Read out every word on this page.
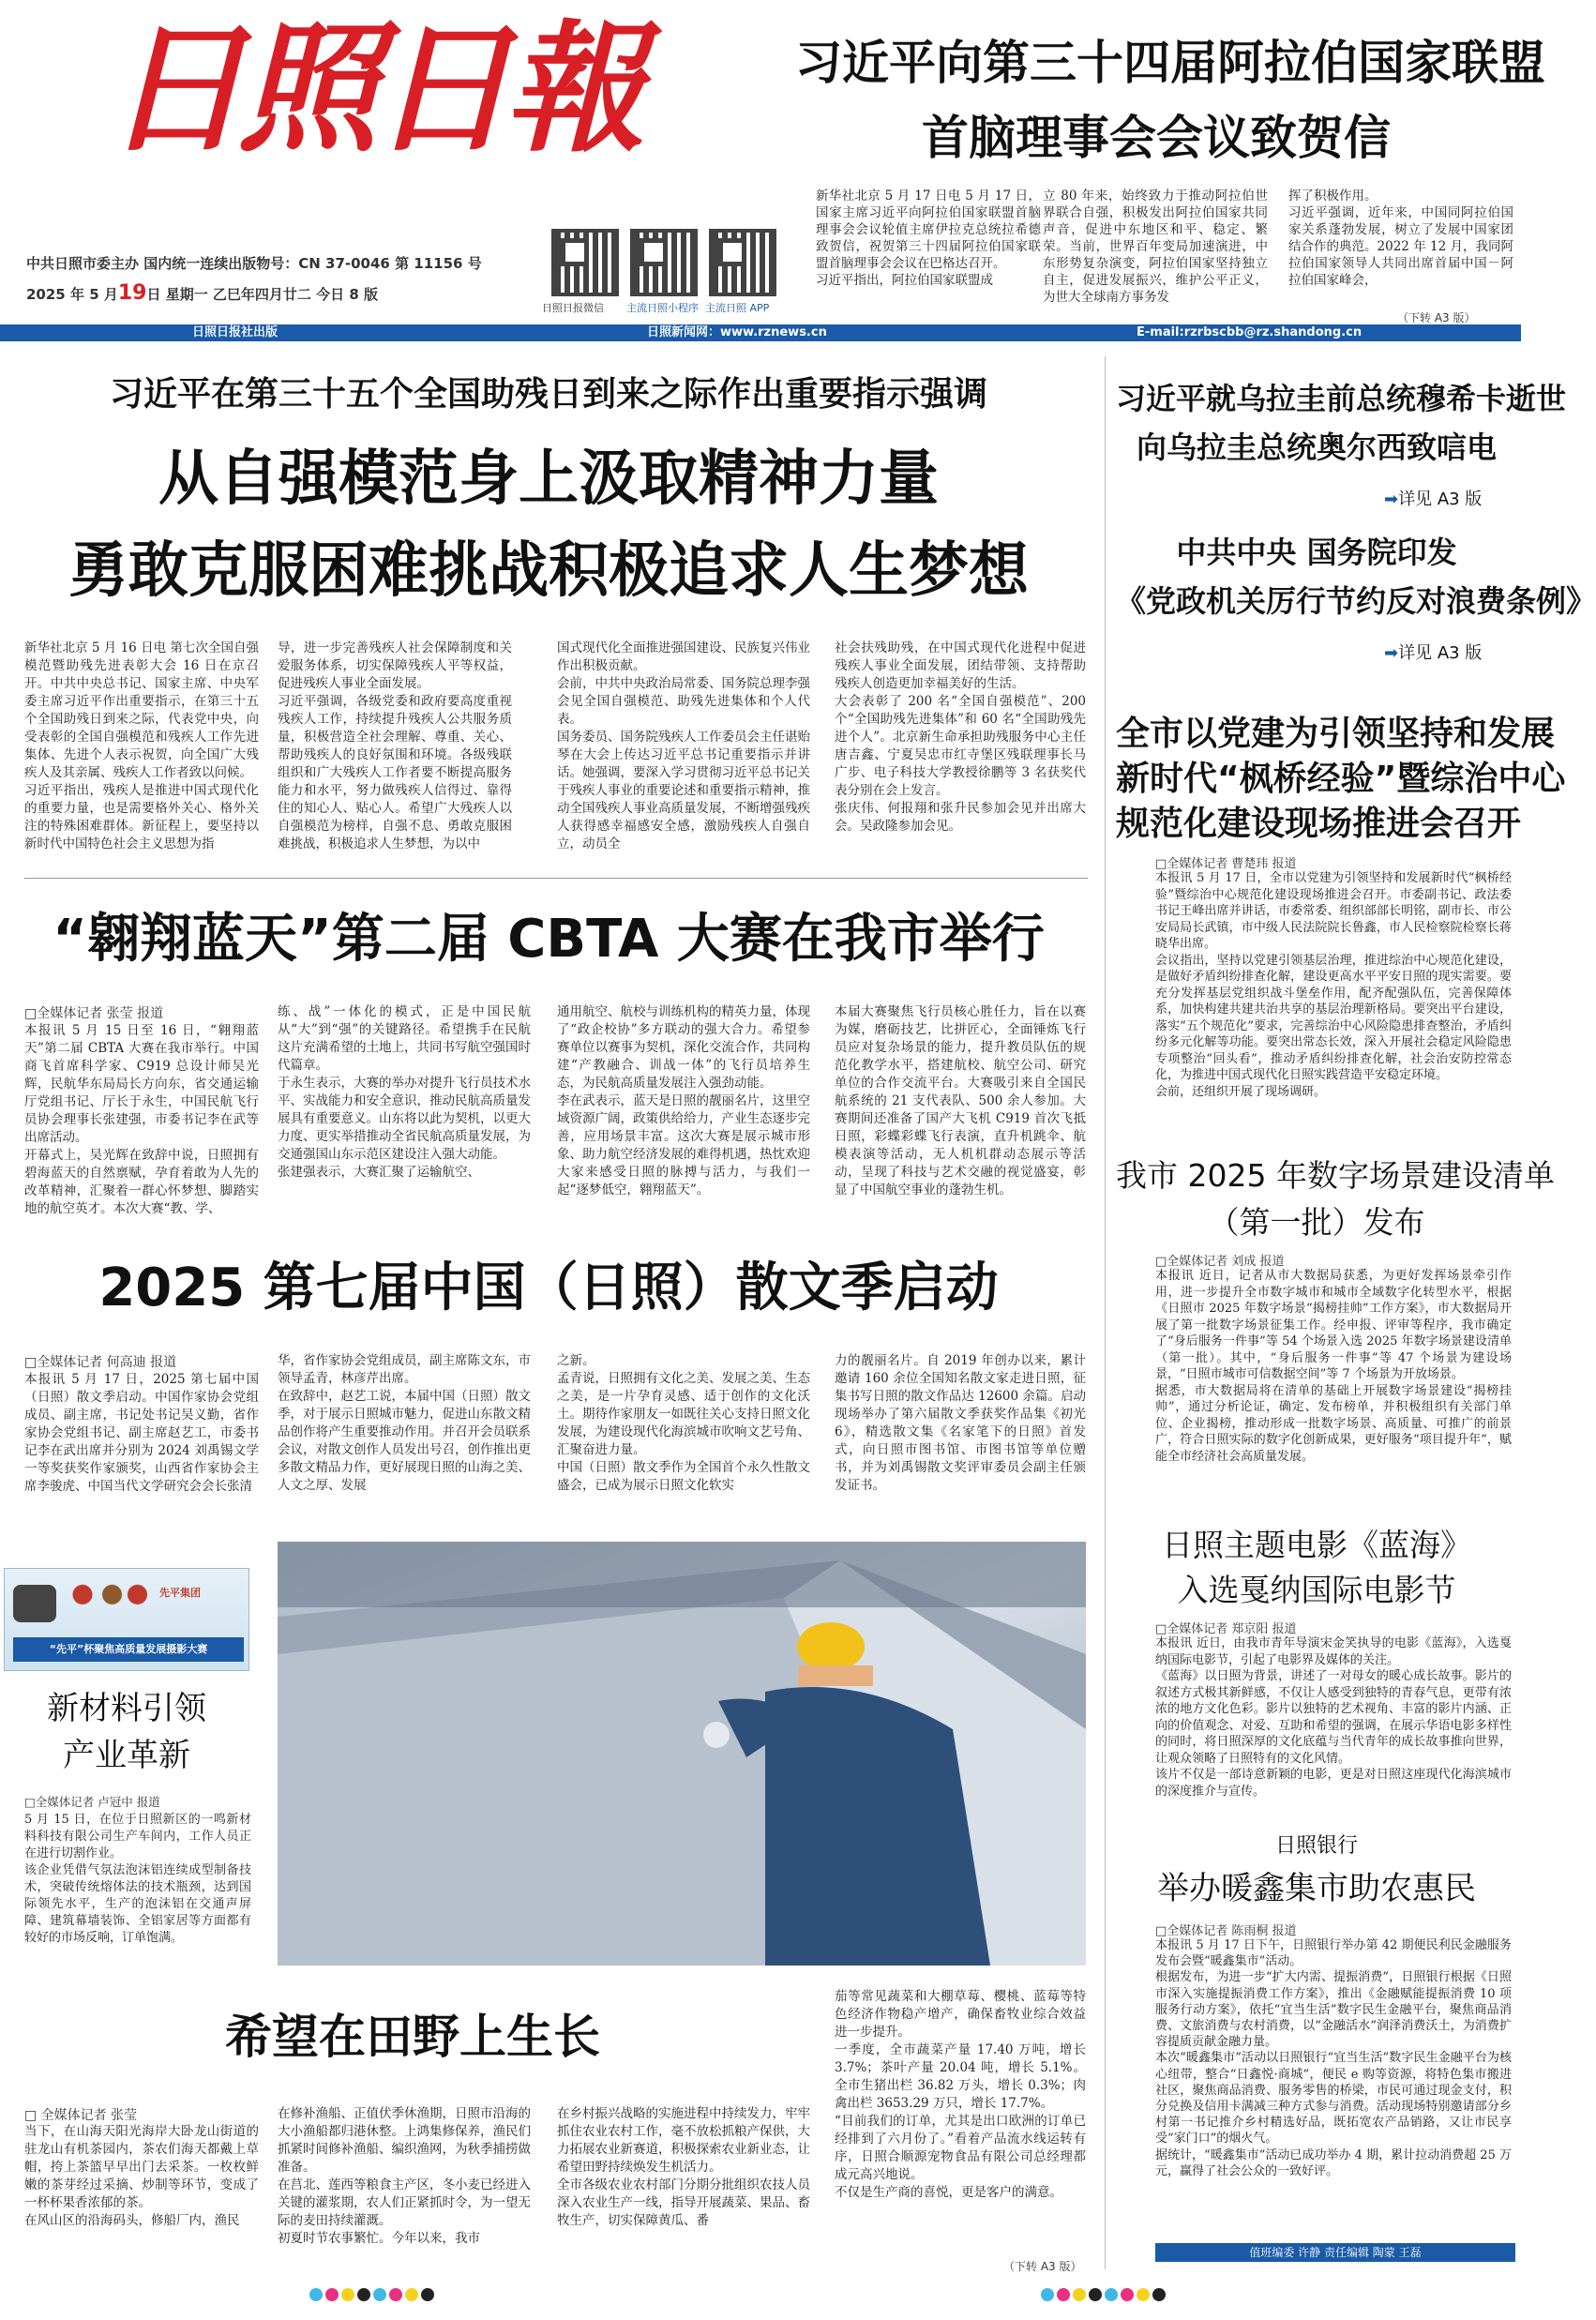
日照日報
日照日报微信 主流日照小程序 主流日照 APP
中共日照市委主办 国内统一连续出版物号：CN 37-0046 第 11156 号
2025 年 5 月19日 星期一 乙巳年四月廿二 今日 8 版
习近平向第三十四届阿拉伯国家联盟
首脑理事会会议致贺信
新华社北京 5 月 17 日电 5 月 17 日，国家主席习近平向阿拉伯国家联盟首脑理事会会议轮值主席伊拉克总统拉希德致贺信，祝贺第三十四届阿拉伯国家联盟首脑理事会会议在巴格达召开。
习近平指出，阿拉伯国家联盟成
立 80 年来，始终致力于推动阿拉伯世界联合自强，积极发出阿拉伯国家共同声音，促进中东地区和平、稳定、繁荣。当前，世界百年变局加速演进，中东形势复杂演变，阿拉伯国家坚持独立自主，促进发展振兴，维护公平正义，为世大全球南方事务发
挥了积极作用。
习近平强调，近年来，中国同阿拉伯国家关系蓬勃发展，树立了发展中国家团结合作的典范。2022 年 12 月，我同阿拉伯国家领导人共同出席首届中国－阿拉伯国家峰会，
（下转 A3 版）
日照日报社出版	日照新闻网：www.rznews.cn	E-mail:rzrbscbb@rz.shandong.cn
习近平在第三十五个全国助残日到来之际作出重要指示强调
从自强模范身上汲取精神力量
勇敢克服困难挑战积极追求人生梦想
新华社北京 5 月 16 日电 第七次全国自强模范暨助残先进表彰大会 16 日在京召开。中共中央总书记、国家主席、中央军委主席习近平作出重要指示，在第三十五个全国助残日到来之际，代表党中央，向受表彰的全国自强模范和残疾人工作先进集体、先进个人表示祝贺，向全国广大残疾人及其亲属、残疾人工作者致以问候。
习近平指出，残疾人是推进中国式现代化的重要力量，也是需要格外关心、格外关注的特殊困难群体。新征程上，要坚持以新时代中国特色社会主义思想为指
导，进一步完善残疾人社会保障制度和关爱服务体系，切实保障残疾人平等权益，促进残疾人事业全面发展。
习近平强调，各级党委和政府要高度重视残疾人工作，持续提升残疾人公共服务质量，积极营造全社会理解、尊重、关心、帮助残疾人的良好氛围和环境。各级残联组织和广大残疾人工作者要不断提高服务能力和水平，努力做残疾人信得过、靠得住的知心人、贴心人。希望广大残疾人以自强模范为榜样，自强不息、勇敢克服困难挑战，积极追求人生梦想，为以中
国式现代化全面推进强国建设、民族复兴伟业作出积极贡献。
会前，中共中央政治局常委、国务院总理李强会见全国自强模范、助残先进集体和个人代表。
国务委员、国务院残疾人工作委员会主任谌贻琴在大会上传达习近平总书记重要指示并讲话。她强调，要深入学习贯彻习近平总书记关于残疾人事业的重要论述和重要指示精神，推动全国残疾人事业高质量发展，不断增强残疾人获得感幸福感安全感，激励残疾人自强自立，动员全
社会扶残助残，在中国式现代化进程中促进残疾人事业全面发展，团结带领、支持帮助残疾人创造更加幸福美好的生活。
大会表彰了 200 名“全国自强模范”、200 个“全国助残先进集体”和 60 名“全国助残先进个人”。北京新生命承担助残服务中心主任唐吉鑫、宁夏吴忠市红寺堡区残联理事长马广步、电子科技大学教授徐鹏等 3 名获奖代表分别在会上发言。
张庆伟、何报翔和张升民参加会见并出席大会。吴政隆参加会见。
“翱翔蓝天”第二届 CBTA 大赛在我市举行
□全媒体记者 张莹 报道
本报讯 5 月 15 日至 16 日，“翱翔蓝天”第二届 CBTA 大赛在我市举行。中国商飞首席科学家、C919 总设计师吴光辉，民航华东局局长方向东，省交通运输厅党组书记、厅长于永生，中国民航飞行员协会理事长张建强，市委书记李在武等出席活动。
开幕式上，吴光辉在致辞中说，日照拥有碧海蓝天的自然禀赋，孕育着敢为人先的改革精神，汇聚着一群心怀梦想、脚踏实地的航空英才。本次大赛“教、学、
练、战”一体化的模式，正是中国民航从“大”到“强”的关键路径。希望携手在民航这片充满希望的土地上，共同书写航空强国时代篇章。
于永生表示，大赛的举办对提升飞行员技术水平、实战能力和安全意识，推动民航高质量发展具有重要意义。山东将以此为契机，以更大力度、更实举措推动全省民航高质量发展，为交通强国山东示范区建设注入强大动能。
张建强表示，大赛汇聚了运输航空、
通用航空、航校与训练机构的精英力量，体现了“政企校协”多方联动的强大合力。希望参赛单位以赛事为契机，深化交流合作，共同构建“产教融合、训战一体”的飞行员培养生态，为民航高质量发展注入强劲动能。
李在武表示，蓝天是日照的靓丽名片，这里空域资源广阔，政策供给给力，产业生态逐步完善，应用场景丰富。这次大赛是展示城市形象、助力航空经济发展的难得机遇，热忱欢迎大家来感受日照的脉搏与活力，与我们一起“逐梦低空，翱翔蓝天”。
本届大赛聚焦飞行员核心胜任力，旨在以赛为媒，磨砺技艺，比拼匠心，全面锤炼飞行员应对复杂场景的能力，提升教员队伍的规范化教学水平，搭建航校、航空公司、研究单位的合作交流平台。大赛吸引来自全国民航系统的 21 支代表队、500 余人参加。大赛期间还准备了国产大飞机 C919 首次飞抵日照，彩蝶彩蝶飞行表演，直升机跳伞、航模表演等活动，无人机机群动态展示等活动，呈现了科技与艺术交融的视觉盛宴，彰显了中国航空事业的蓬勃生机。
2025 第七届中国（日照）散文季启动
□全媒体记者 何高迪 报道
本报讯 5 月 17 日，2025 第七届中国（日照）散文季启动。中国作家协会党组成员、副主席，书记处书记吴义勤，省作家协会党组书记、副主席赵艺工，市委书记李在武出席并分别为 2024 刘禹锡文学一等奖获奖作家颁奖，山西省作家协会主席李骏虎、中国当代文学研究会会长张清
华，省作家协会党组成员，副主席陈文东，市领导孟青，林彦芹出席。
在致辞中，赵艺工说，本届中国（日照）散文季，对于展示日照城市魅力，促进山东散文精品创作将产生重要推动作用。并召开会员联系会议，对散文创作人员发出号召，创作推出更多散文精品力作，更好展现日照的山海之美、人文之厚、发展
之新。
孟青说，日照拥有文化之美、发展之美、生态之美，是一片孕育灵感、适于创作的文化沃土。期待作家朋友一如既往关心支持日照文化发展，为建设现代化海滨城市吹响文艺号角、汇聚奋进力量。
中国（日照）散文季作为全国首个永久性散文盛会，已成为展示日照文化软实
力的靓丽名片。自 2019 年创办以来，累计邀请 160 余位全国知名散文家走进日照，征集书写日照的散文作品达 12600 余篇。启动现场举办了第六届散文季获奖作品集《初光 6》，精选散文集《名家笔下的日照》首发式，向日照市图书馆、市图书馆等单位赠书，并为刘禹锡散文奖评审委员会副主任颁发证书。
先平集团
“先平”杯聚焦高质量发展摄影大赛
新材料引领
产业革新
□全媒体记者 卢冠中 报道
5 月 15 日，在位于日照新区的一鸣新材料科技有限公司生产车间内，工作人员正在进行切割作业。
该企业凭借气氛法泡沫铝连续成型制备技术，突破传统熔体法的技术瓶颈，达到国际领先水平，生产的泡沫铝在交通声屏障、建筑幕墙装饰、全铝家居等方面都有较好的市场反响，订单饱满。
希望在田野上生长
□ 全媒体记者 张莹
当下，在山海天阳光海岸大卧龙山街道的驻龙山有机茶园内，茶农们海天都戴上草帽，挎上茶篮早早出门去采茶。一枚枚鲜嫩的茶芽经过采摘、炒制等环节，变成了一杯杯果香浓郁的茶。
在风山区的沿海码头，修船厂内，渔民
在修补渔船、正值伏季休渔期，日照市沿海的大小渔船都归港休整。上鸿集修保养，渔民们抓紧时间修补渔船、编织渔网，为秋季捕捞做准备。
在莒北、莲西等粮食主产区，冬小麦已经进入关键的灌浆期，农人们正紧抓时令，为一望无际的麦田持续灌溉。
初夏时节农事繁忙。今年以来，我市
在乡村振兴战略的实施进程中持续发力，牢牢抓住农业农村工作，毫不放松抓粮产保供，大力拓展农业新赛道，积极探索农业新业态，让希望田野持续焕发生机活力。
全市各级农业农村部门分期分批组织农技人员深入农业生产一线，指导开展蔬菜、果品、畜牧生产，切实保障黄瓜、番
茄等常见蔬菜和大棚草莓、樱桃、蓝莓等特色经济作物稳产增产，确保畜牧业综合效益进一步提升。
一季度，全市蔬菜产量 17.40 万吨，增长 3.7%；茶叶产量 20.04 吨，增长 5.1%。全市生猪出栏 36.82 万头，增长 0.3%；肉禽出栏 3653.29 万只，增长 17.7%。
“目前我们的订单，尤其是出口欧洲的订单已经排到了六月份了。”看着产品流水线运转有序，日照合顺源宠物食品有限公司总经理都成元高兴地说。
不仅是生产商的喜悦，更是客户的满意。
（下转 A3 版）
习近平就乌拉圭前总统穆希卡逝世
向乌拉圭总统奥尔西致唁电
➡详见 A3 版
中共中央 国务院印发
《党政机关厉行节约反对浪费条例》
➡详见 A3 版
全市以党建为引领坚持和发展
新时代“枫桥经验”暨综治中心
规范化建设现场推进会召开
□全媒体记者 曹楚玮 报道
本报讯 5 月 17 日，全市以党建为引领坚持和发展新时代“枫桥经验”暨综治中心规范化建设现场推进会召开。市委副书记、政法委书记王峰出席并讲话，市委常委、组织部部长明铭，副市长、市公安局局长武镇，市中级人民法院院长鲁鑫，市人民检察院检察长蒋晓华出席。
会议指出，坚持以党建引领基层治理，推进综治中心规范化建设，是做好矛盾纠纷排查化解，建设更高水平平安日照的现实需要。要充分发挥基层党组织战斗堡垒作用，配齐配强队伍，完善保障体系，加快构建共建共治共享的基层治理新格局。要突出平台建设，落实“五个规范化”要求，完善综治中心风险隐患排查整治，矛盾纠纷多元化解等功能。要突出常态长效，深入开展社会稳定风险隐患专项整治“回头看”，推动矛盾纠纷排查化解，社会治安防控常态化，为推进中国式现代化日照实践营造平安稳定环境。
会前，还组织开展了现场调研。
我市 2025 年数字场景建设清单
（第一批）发布
□全媒体记者 刘成 报道
本报讯 近日，记者从市大数据局获悉，为更好发挥场景牵引作用，进一步提升全市数字城市和城市全域数字化转型水平，根据《日照市 2025 年数字场景“揭榜挂帅”工作方案》，市大数据局开展了第一批数字场景征集工作。经申报、评审等程序，我市确定了“身后服务一件事”等 54 个场景入选 2025 年数字场景建设清单（第一批）。其中，“身后服务一件事”等 47 个场景为建设场景，“日照市城市可信数据空间”等 7 个场景为开放场景。
据悉，市大数据局将在清单的基础上开展数字场景建设“揭榜挂帅”，通过分析论证，确定、发布榜单，并积极组织有关部门单位、企业揭榜，推动形成一批数字场景、高质量、可推广的前景广，符合日照实际的数字化创新成果，更好服务“项目提升年”，赋能全市经济社会高质量发展。
日照主题电影《蓝海》
入选戛纳国际电影节
□全媒体记者 郑京阳 报道
本报讯 近日，由我市青年导演宋金笑执导的电影《蓝海》，入选戛纳国际电影节，引起了电影界及媒体的关注。
《蓝海》以日照为背景，讲述了一对母女的暖心成长故事。影片的叙述方式极其新鲜感，不仅让人感受到独特的青春气息，更带有浓浓的地方文化色彩。影片以独特的艺术视角、丰富的影片内涵、正向的价值观念、对爱、互助和希望的强调，在展示华语电影多样性的同时，将日照深厚的文化底蕴与当代青年的成长故事推向世界，让观众领略了日照特有的文化风情。
该片不仅是一部诗意新颖的电影，更是对日照这座现代化海滨城市的深度推介与宣传。
日照银行
举办暖鑫集市助农惠民
□全媒体记者 陈雨桐 报道
本报讯 5 月 17 日下午，日照银行举办第 42 期便民利民金融服务发布会暨“暖鑫集市”活动。
根据发布，为进一步“扩大内需、提振消费”，日照银行根据《日照市深入实施提振消费工作方案》，推出《金融赋能提振消费 10 项服务行动方案》，依托“宜当生活”数字民生金融平台，聚焦商品消费、文旅消费与农村消费，以“金融活水”润泽消费沃土，为消费扩容提质贡献金融力量。
本次“暖鑫集市”活动以日照银行“宜当生活”数字民生金融平台为核心纽带，整合“日鑫悦·商城”，便民 e 购等资源，将特色集市搬进社区，聚焦商品消费、服务零售的桥梁，市民可通过现金支付，积分兑换及信用卡满减三种方式参与消费。活动现场特别邀请部分乡村第一书记推介乡村精选好品，既拓宽农产品销路，又让市民享受“家门口”的烟火气。
据统计，“暖鑫集市”活动已成功举办 4 期，累计拉动消费超 25 万元，赢得了社会公众的一致好评。
值班编委 许静 责任编辑 陶蒙 王磊
